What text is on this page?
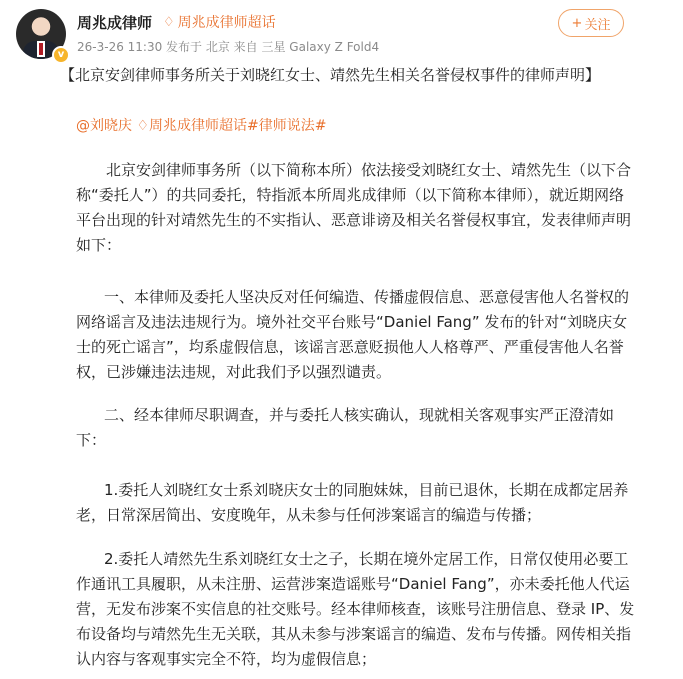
v
周兆成律师 ♢ 周兆成律师超话
26-3-26 11:30 发布于 北京 来自 三星 Galaxy Z Fold4
+ 关注
【北京安剑律师事务所关于刘晓红女士、靖然先生相关名誉侵权事件的律师声明】
@刘晓庆 ♢周兆成律师超话#律师说法#

北京安剑律师事务所（以下简称本所）依法接受刘晓红女士、靖然先生（以下合称“委托人”）的共同委托，特指派本所周兆成律师（以下简称本律师），就近期网络平台出现的针对靖然先生的不实指认、恶意诽谤及相关名誉侵权事宜，发表律师声明如下：

一、本律师及委托人坚决反对任何编造、传播虚假信息、恶意侵害他人名誉权的网络谣言及违法违规行为。境外社交平台账号“Daniel Fang” 发布的针对“刘晓庆女士的死亡谣言”，均系虚假信息，该谣言恶意贬损他人人格尊严、严重侵害他人名誉权，已涉嫌违法违规，对此我们予以强烈谴责。

二、经本律师尽职调查，并与委托人核实确认，现就相关客观事实严正澄清如下：

1.委托人刘晓红女士系刘晓庆女士的同胞妹妹，目前已退休，长期在成都定居养老，日常深居简出、安度晚年，从未参与任何涉案谣言的编造与传播；

2.委托人靖然先生系刘晓红女士之子，长期在境外定居工作，日常仅使用必要工作通讯工具履职，从未注册、运营涉案造谣账号“Daniel Fang”，亦未委托他人代运营，无发布涉案不实信息的社交账号。经本律师核查，该账号注册信息、登录 IP、发布设备均与靖然先生无关联，其从未参与涉案谣言的编造、发布与传播。网传相关指认内容与客观事实完全不符，均为虚假信息；
